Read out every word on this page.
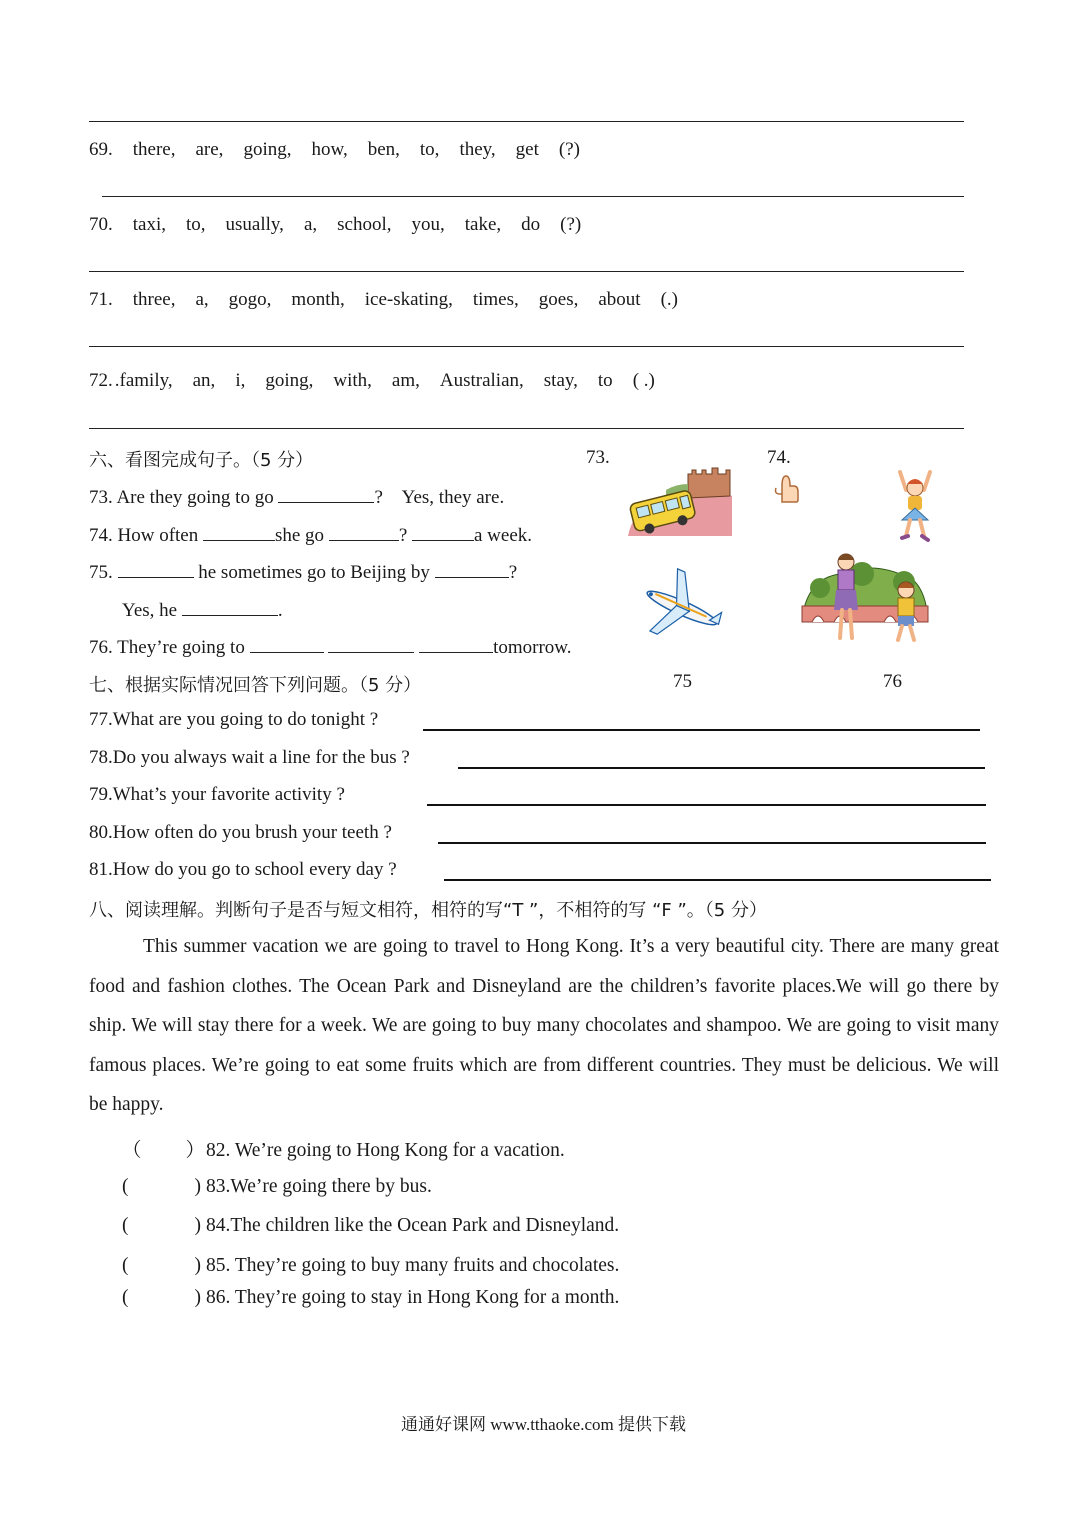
69. there, are, going, how, ben, to, they, get (?)
70. taxi, to, usually, a, school, you, take, do (?)
71. three, a, gogo, month, ice-skating, times, goes, about (.)
72. .family, an, i, going, with, am, Australian, stay, to ( .)
六、看图完成句子。（5 分）	73.	74.
73. Are they going to go	? Yes, they are.
74. How often	she go	?	a week.
75.	he sometimes go to Beijing by	?
Yes, he	.
76. They’re going to	tomorrow.
75	76
七、根据实际情况回答下列问题。（5 分）
77.What are you going to do tonight ?
78.Do you always wait a line for the bus ?
79.What’s your favorite activity ?
80.How often do you brush your teeth ?
81.How do you go to school every day ?
八、阅读理解。判断句子是否与短文相符，相符的写“T ”，不相符的写 “F ”。（5 分）
This summer vacation we are going to travel to Hong Kong. It’s a very beautiful city. There are many great food and fashion clothes. The Ocean Park and Disneyland are the children’s favorite places.We will go there by ship. We will stay there for a week. We are going to buy many chocolates and shampoo. We are going to visit many famous places. We’re going to eat some fruits which are from different countries. They must be delicious. We will be happy.
（ ）82. We’re going to Hong Kong for a vacation.
(	) 83.We’re going there by bus.
(	) 84.The children like the Ocean Park and Disneyland.
(	) 85. They’re going to buy many fruits and chocolates.
(	) 86. They’re going to stay in Hong Kong for a month.
通通好课网 www.tthaoke.com 提供下载
